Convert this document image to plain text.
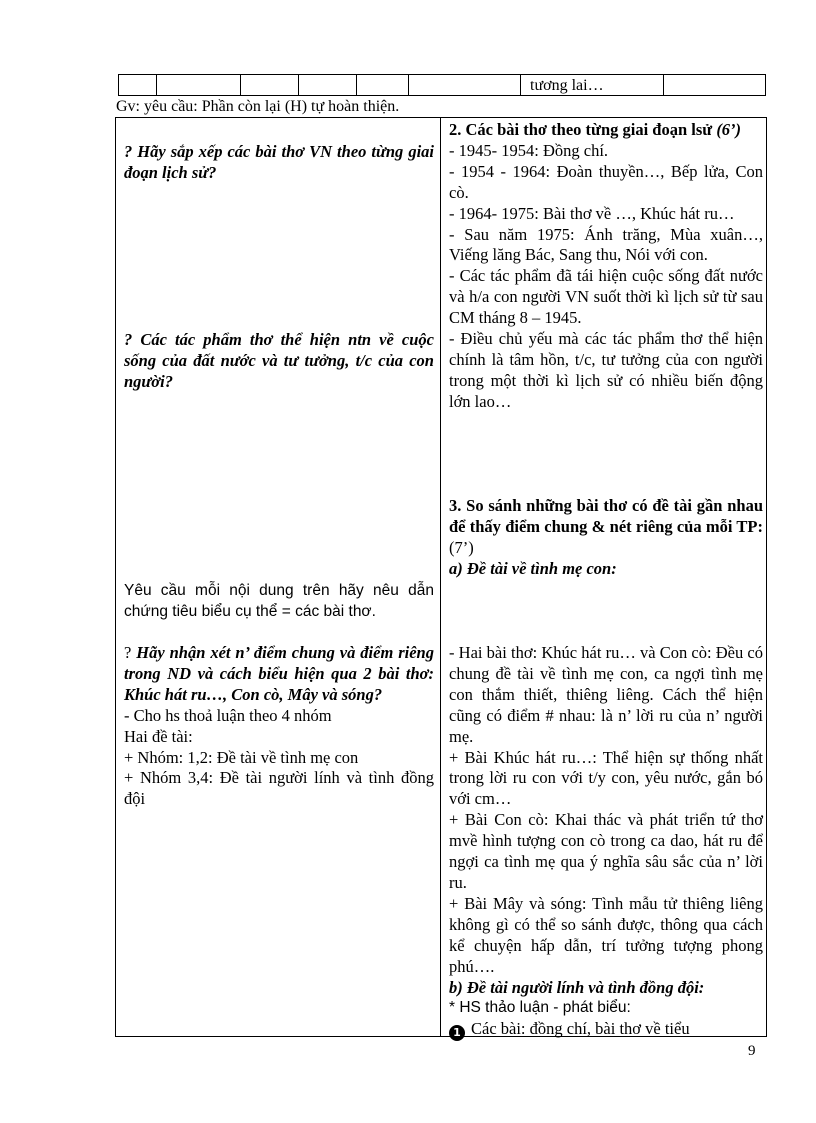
tương lai…
Gv: yêu cầu: Phần còn lại (H) tự hoàn thiện.

? Hãy sắp xếp các bài thơ VN theo từng giai đoạn lịch sử?

? Các tác phẩm thơ thể hiện ntn về cuộc sống của đất nước và tư tưởng, t/c của con người?

Yêu cầu mỗi nội dung trên hãy nêu dẫn chứng tiêu biểu cụ thể = các bài thơ.

? Hãy nhận xét n’ điểm chung và điểm riêng trong ND và cách biểu hiện qua 2 bài thơ: Khúc hát ru…, Con cò, Mây và sóng?

- Cho hs thoả luận theo 4 nhóm

Hai đề tài:

+ Nhóm: 1,2: Đề tài về tình mẹ con

+ Nhóm 3,4: Đề tài người lính và tình đồng đội

2. Các bài thơ theo từng giai đoạn lsử (6’)

- 1945- 1954: Đồng chí.

- 1954 - 1964: Đoàn thuyền…, Bếp lửa, Con cò.

- 1964- 1975: Bài thơ về …, Khúc hát ru…

- Sau năm 1975: Ánh trăng, Mùa xuân…, Viếng lăng Bác, Sang thu, Nói với con.

- Các tác phẩm đã tái hiện cuộc sống đất nước và h/a con người VN suốt thời kì lịch sử từ sau CM tháng 8 – 1945.

- Điều chủ yếu mà các tác phẩm thơ thể hiện chính là tâm hồn, t/c, tư tưởng của con người trong một thời kì lịch sử có nhiều biến động lớn lao…

3. So sánh những bài thơ có đề tài gần nhau để thấy điểm chung & nét riêng của mỗi TP: (7’)

a) Đề tài về tình mẹ con:

- Hai bài thơ: Khúc hát ru… và Con cò: Đều có chung đề tài về tình mẹ con, ca ngợi tình mẹ con thắm thiết, thiêng liêng. Cách thể hiện cũng có điểm # nhau: là n’ lời ru của n’ người mẹ.

+ Bài Khúc hát ru…: Thể hiện sự thống nhất trong lời ru con với t/y con, yêu nước, gắn bó với cm…

+ Bài Con cò: Khai thác và phát triển tứ thơ mvề hình tượng con cò trong ca dao, hát ru để ngợi ca tình mẹ qua ý nghĩa sâu sắc của n’ lời ru.

+ Bài Mây và sóng: Tình mẫu tử thiêng liêng không gì có thể so sánh được, thông qua cách kể chuyện hấp dẫn, trí tưởng tượng phong phú….

b) Đề tài người lính và tình đồng đội:

* HS thảo luận - phát biểu:

1 Các bài: đồng chí, bài thơ về tiểu

9
